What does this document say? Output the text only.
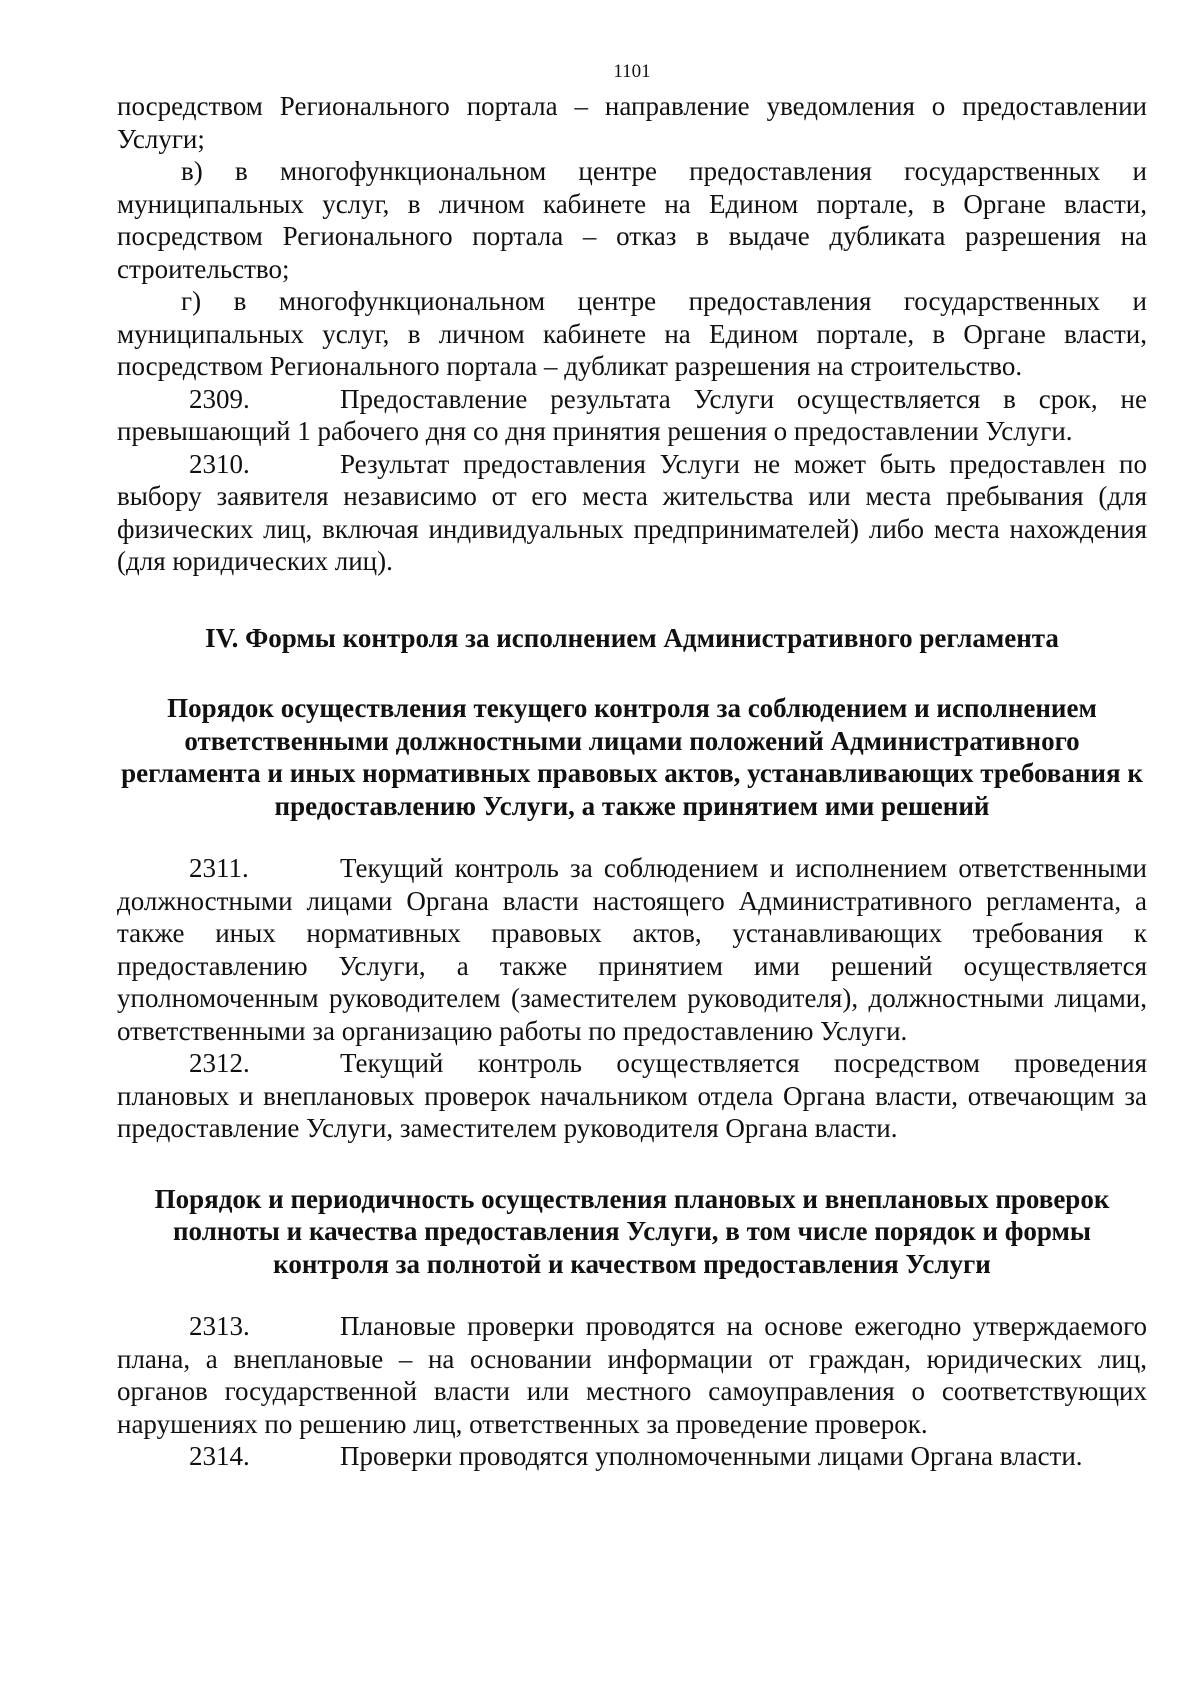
1101

посредством Регионального портала – направление уведомления о предоставлении Услуги;

в) в многофункциональном центре предоставления государственных и муниципальных услуг, в личном кабинете на Едином портале, в Органе власти, посредством Регионального портала – отказ в выдаче дубликата разрешения на строительство;

г) в многофункциональном центре предоставления государственных и муниципальных услуг, в личном кабинете на Едином портале, в Органе власти, посредством Регионального портала – дубликат разрешения на строительство.

2309.	Предоставление результата Услуги осуществляется в срок, не превышающий 1 рабочего дня со дня принятия решения о предоставлении Услуги.

2310.	Результат предоставления Услуги не может быть предоставлен по выбору заявителя независимо от его места жительства или места пребывания (для физических лиц, включая индивидуальных предпринимателей) либо места нахождения (для юридических лиц).

IV. Формы контроля за исполнением Административного регламента

Порядок осуществления текущего контроля за соблюдением и исполнением ответственными должностными лицами положений Административного регламента и иных нормативных правовых актов, устанавливающих требования к предоставлению Услуги, а также принятием ими решений

2311.	Текущий контроль за соблюдением и исполнением ответственными должностными лицами Органа власти настоящего Административного регламента, а также иных нормативных правовых актов, устанавливающих требования к предоставлению Услуги, а также принятием ими решений осуществляется уполномоченным руководителем (заместителем руководителя), должностными лицами, ответственными за организацию работы по предоставлению Услуги.

2312.	Текущий контроль осуществляется посредством проведения плановых и внеплановых проверок начальником отдела Органа власти, отвечающим за предоставление Услуги, заместителем руководителя Органа власти.

Порядок и периодичность осуществления плановых и внеплановых проверок полноты и качества предоставления Услуги, в том числе порядок и формы контроля за полнотой и качеством предоставления Услуги

2313.	Плановые проверки проводятся на основе ежегодно утверждаемого плана, а внеплановые – на основании информации от граждан, юридических лиц, органов государственной власти или местного самоуправления о соответствующих нарушениях по решению лиц, ответственных за проведение проверок.

2314.	Проверки проводятся уполномоченными лицами Органа власти.
